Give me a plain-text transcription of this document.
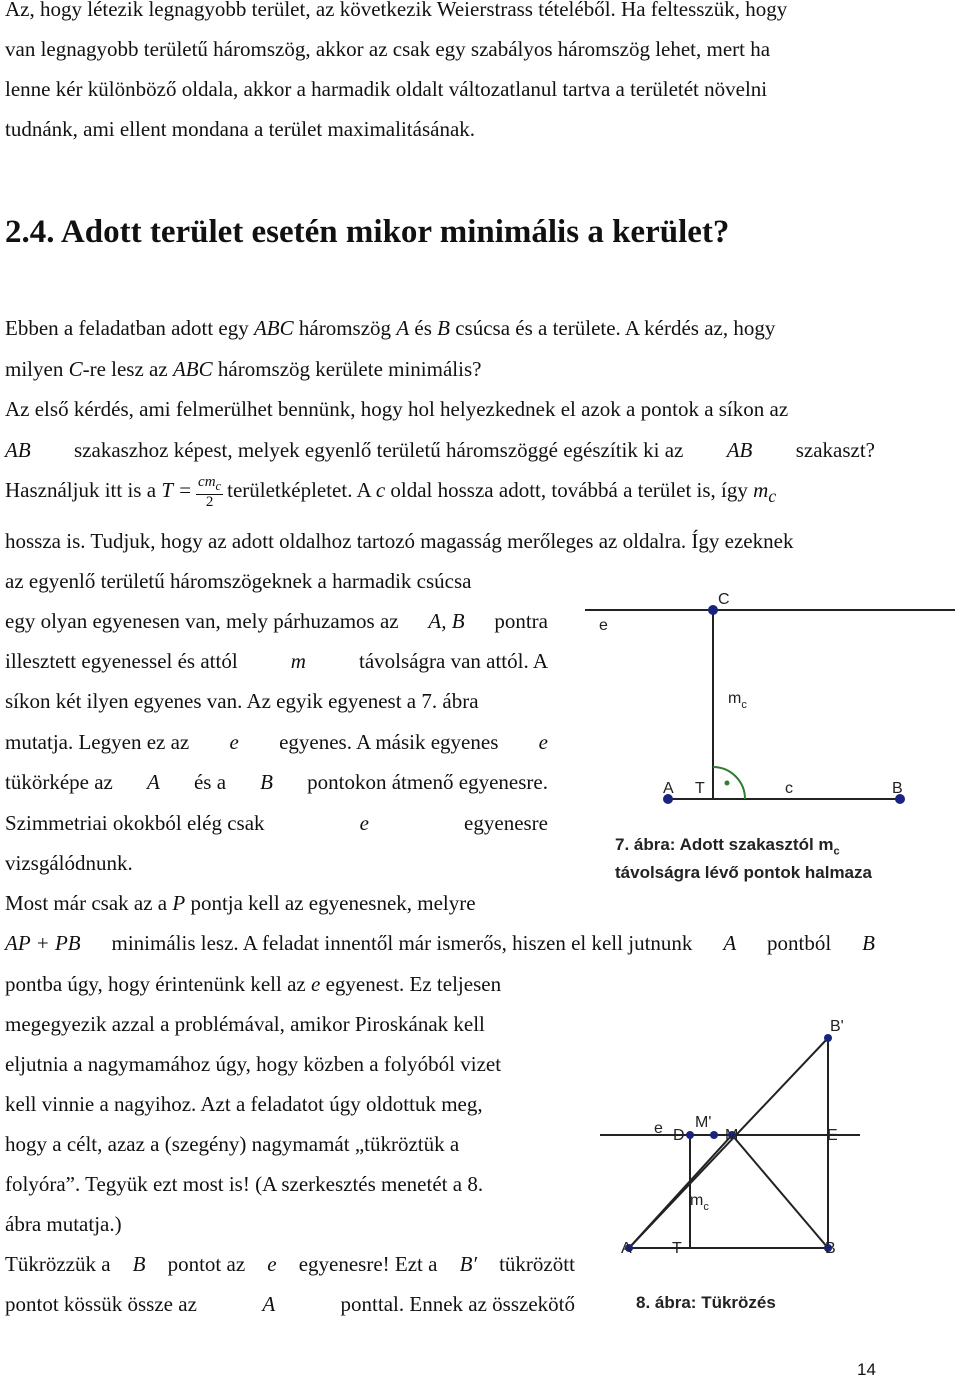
Az, hogy létezik legnagyobb terület, az következik Weierstrass tételéből. Ha feltesszük, hogy
van legnagyobb területű háromszög, akkor az csak egy szabályos háromszög lehet, mert ha
lenne kér különböző oldala, akkor a harmadik oldalt változatlanul tartva a területét növelni
tudnánk, ami ellent mondana a terület maximalitásának.
2.4. Adott terület esetén mikor minimális a kerület?
Ebben a feladatban adott egy ABC háromszög A és B csúcsa és a területe. A kérdés az, hogy
milyen C-re lesz az ABC háromszög kerülete minimális?
Az első kérdés, ami felmerülhet bennünk, hogy hol helyezkednek el azok a pontok a síkon az
AB szakaszhoz képest, melyek egyenlő területű háromszöggé egészítik ki az AB szakaszt?
Használjuk itt is a $T = \frac{cm_c}{2}$ területképletet. A c oldal hossza adott, továbbá a terület is, így $m_c$
hossza is. Tudjuk, hogy az adott oldalhoz tartozó magasság merőleges az oldalra. Így ezeknek
az egyenlő területű háromszögeknek a harmadik csúcsa
egy olyan egyenesen van, mely párhuzamos az A, B pontra
illesztett egyenessel és attól	m	távolságra van attól. A
síkon két ilyen egyenes van. Az egyik egyenest a 7. ábra
mutatja. Legyen ez az e egyenes. A másik egyenes e
tükörképe az A és a B pontokon átmenő egyenesre.
Szimmetriai okokból elég csak	e	egyenesre
vizsgálódnunk.
Most már csak az a P pontja kell az egyenesnek, melyre
AP + PB minimális lesz. A feladat innentől már ismerős, hiszen el kell jutnunk A pontból B
pontba úgy, hogy érintenünk kell az e egyenest. Ez teljesen
megegyezik azzal a problémával, amikor Piroskának kell
eljutnia a nagymamához úgy, hogy közben a folyóból vizet
kell vinnie a nagyihoz. Azt a feladatot úgy oldottuk meg,
hogy a célt, azaz a (szegény) nagymamát „tükröztük a
folyóra”. Tegyük ezt most is! (A szerkesztés menetét a 8.
ábra mutatja.)
Tükrözzük a B pontot az e egyenesre! Ezt a B′ tükrözött
pontot kössük össze az	A	ponttal. Ennek az összekötő
C
e
$m_c$
A T	c	B
7. ábra: Adott szakasztól $m_c$
távolságra lévő pontok halmaza
B'
e D
M'
M	E
$m_c$
A	T	B
8. ábra: Tükrözés
14
